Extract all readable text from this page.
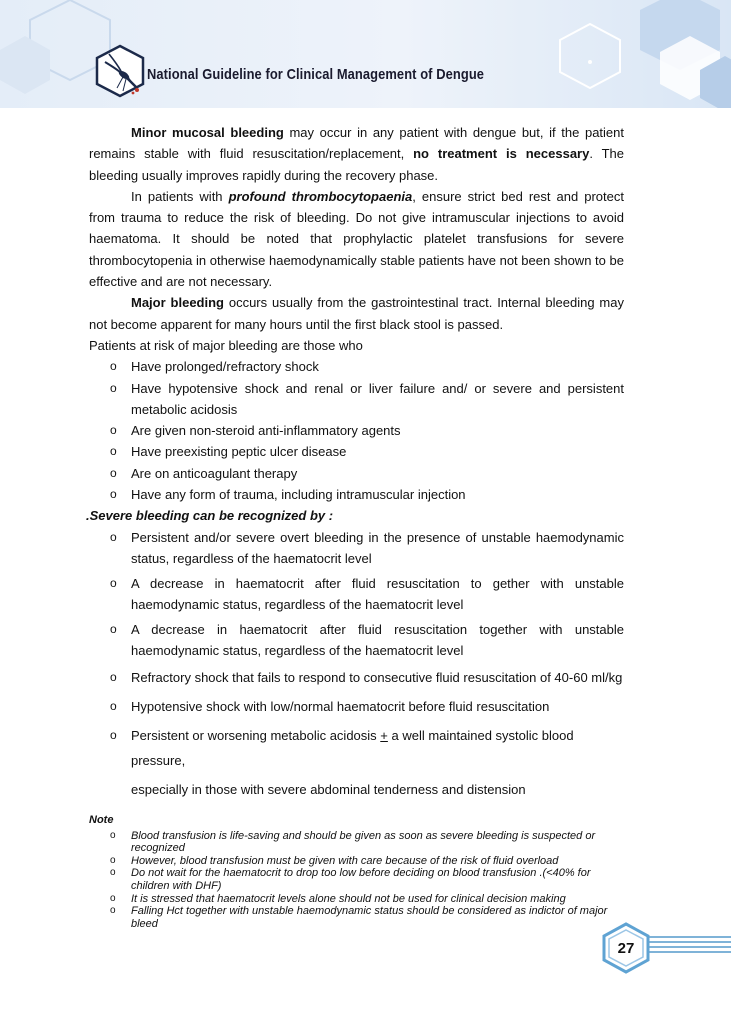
National Guideline for Clinical Management of Dengue

Minor mucosal bleeding may occur in any patient with dengue but, if the patient remains stable with fluid resuscitation/replacement, no treatment is necessary. The bleeding usually improves rapidly during the recovery phase.

In patients with profound thrombocytopaenia, ensure strict bed rest and protect from trauma to reduce the risk of bleeding. Do not give intramuscular injections to avoid haematoma. It should be noted that prophylactic platelet transfusions for severe thrombocytopenia in otherwise haemodynamically stable patients have not been shown to be effective and are not necessary.

Major bleeding occurs usually from the gastrointestinal tract. Internal bleeding may not become apparent for many hours until the first black stool is passed.

Patients at risk of major bleeding are those who

o Have prolonged/refractory shock
o Have hypotensive shock and renal or liver failure and/ or severe and persistent metabolic acidosis
o Are given non-steroid anti-inflammatory agents
o Have preexisting peptic ulcer disease
o Are on anticoagulant therapy
o Have any form of trauma, including intramuscular injection

.Severe bleeding can be recognized by :

o Persistent and/or severe overt bleeding in the presence of unstable haemodynamic status, regardless of the haematocrit level
o A decrease in haematocrit after fluid resuscitation to gether with unstable haemodynamic status, regardless of the haematocrit level
o A decrease in haematocrit after fluid resuscitation together with unstable haemodynamic status, regardless of the haematocrit level
o Refractory shock that fails to respond to consecutive fluid resuscitation of 40-60 ml/kg
o Hypotensive shock with low/normal haematocrit before fluid resuscitation
o Persistent or worsening metabolic acidosis + a well maintained systolic blood pressure,

especially in those with severe abdominal tenderness and distension

Note

o Blood transfusion is life-saving and should be given as soon as severe bleeding is suspected or recognized
o However, blood transfusion must be given with care because of the risk of fluid overload
o Do not wait for the haematocrit to drop too low before deciding on blood transfusion .(<40% for children with DHF)
o It is stressed that haematocrit levels alone should not be used for clinical decision making
o Falling Hct together with unstable haemodynamic status should be considered as indictor of major bleed
27
